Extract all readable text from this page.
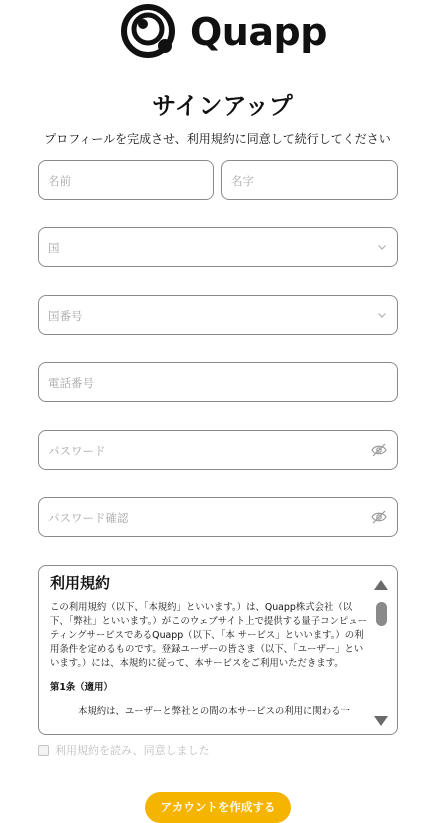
Quapp
サインアップ
プロフィールを完成させ、利用規約に同意して続行してください
名前	名字
国
国番号
電話番号
パスワード
パスワード確認
利用規約

この利用規約（以下、「本規約」といいます。）は、Quapp株式会社（以下、「弊社」といいます。）がこのウェブサイト上で提供する量子コンピューティングサービスであるQuapp（以下、「本 サービス」といいます。）の利用条件を定めるものです。登録ユーザーの皆さま（以下、「ユーザー」といいます。）には、本規約に従って、本サービスをご利用いただきます。

第1条（適用）

本規約は、ユーザーと弊社との間の本サービスの利用に関わる一

利用規約を読み、同意しました
アカウントを作成する
